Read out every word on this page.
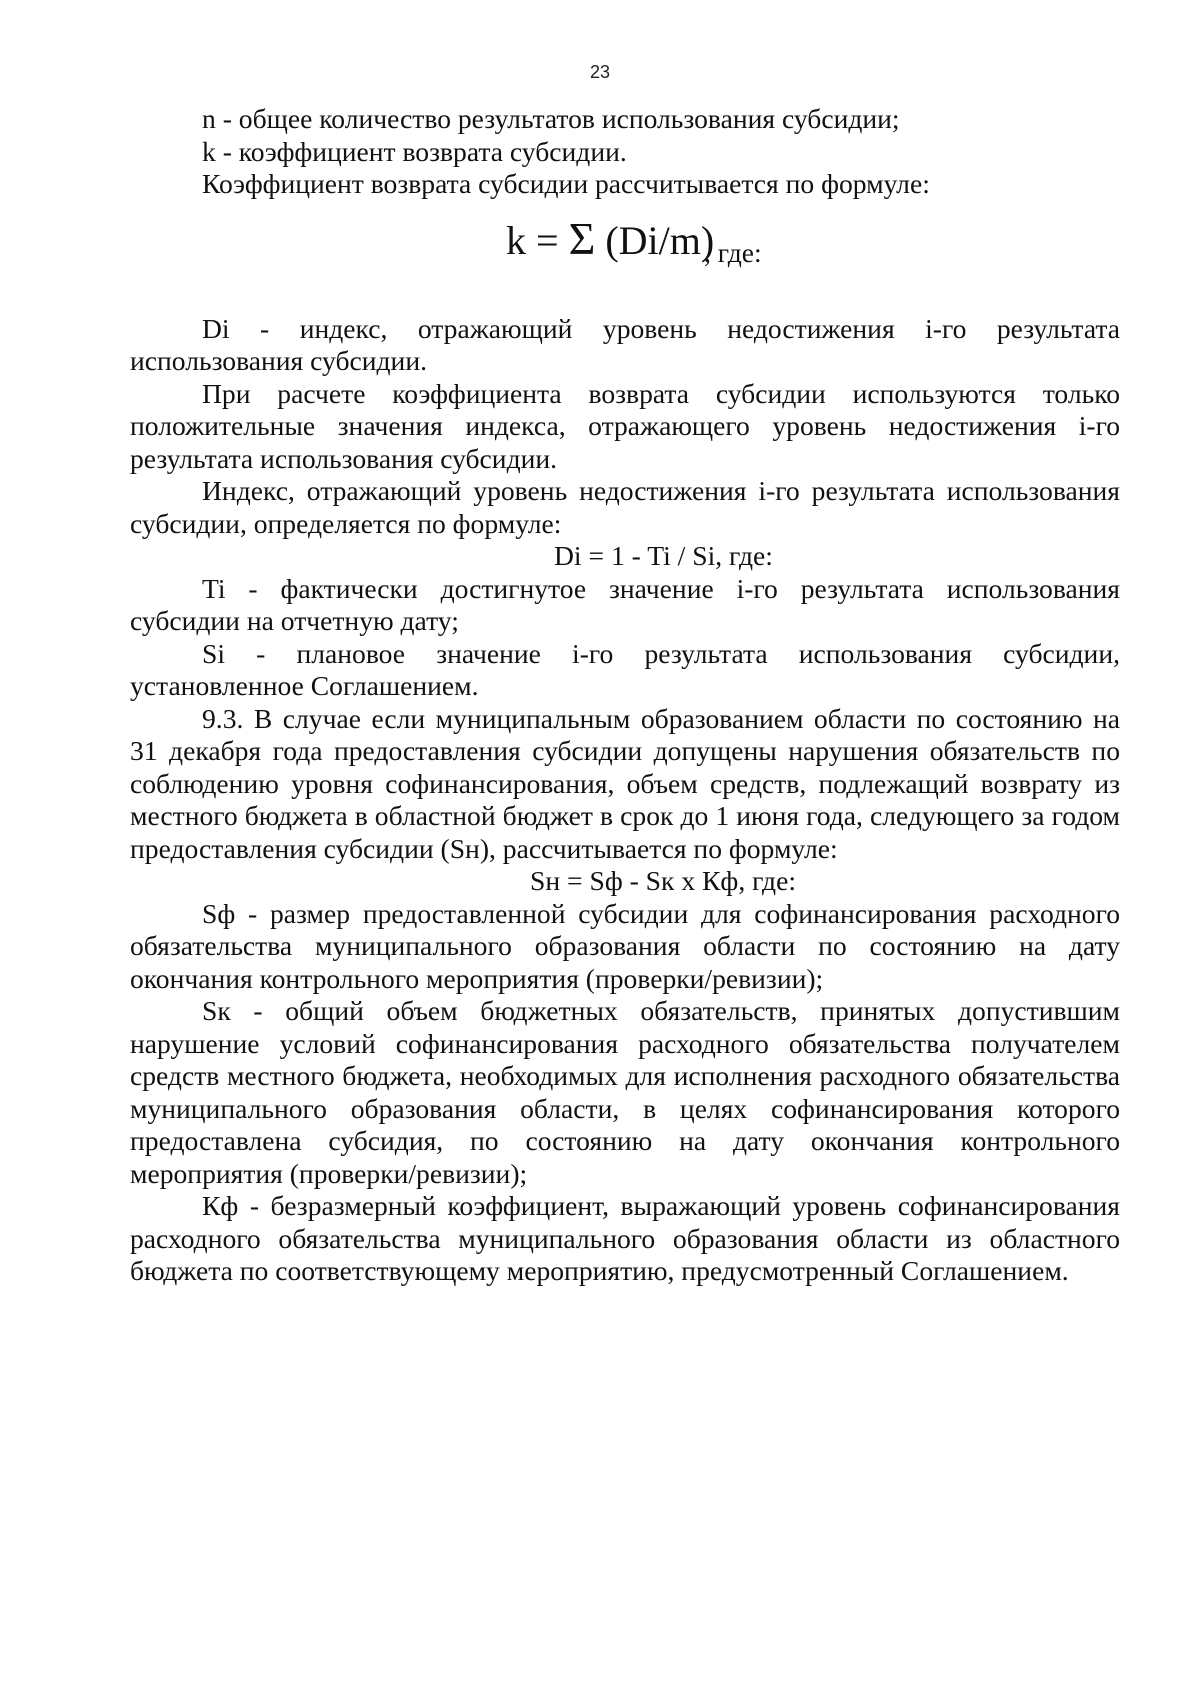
23

n - общее количество результатов использования субсидии;

k - коэффициент возврата субсидии.

Коэффициент возврата субсидии рассчитывается по формуле:

k = Σ (Di/m)
, где:

Di - индекс, отражающий уровень недостижения i-го результата использования субсидии.

При расчете коэффициента возврата субсидии используются только положительные значения индекса, отражающего уровень недостижения i-го результата использования субсидии.

Индекс, отражающий уровень недостижения i-го результата использования субсидии, определяется по формуле:

Di = 1 - Ti / Si, где:

Ti - фактически достигнутое значение i-го результата использования субсидии на отчетную дату;

Si - плановое значение i-го результата использования субсидии, установленное Соглашением.

9.3. В случае если муниципальным образованием области по состоянию на 31 декабря года предоставления субсидии допущены нарушения обязательств по соблюдению уровня софинансирования, объем средств, подлежащий возврату из местного бюджета в областной бюджет в срок до 1 июня года, следующего за годом предоставления субсидии (Sн), рассчитывается по формуле:

Sн = Sф - Sк x Кф, где:

Sф - размер предоставленной субсидии для софинансирования расходного обязательства муниципального образования области по состоянию на дату окончания контрольного мероприятия (проверки/ревизии);

Sк - общий объем бюджетных обязательств, принятых допустившим нарушение условий софинансирования расходного обязательства получателем средств местного бюджета, необходимых для исполнения расходного обязательства муниципального образования области, в целях софинансирования которого предоставлена субсидия, по состоянию на дату окончания контрольного мероприятия (проверки/ревизии);

Кф - безразмерный коэффициент, выражающий уровень софинансирования расходного обязательства муниципального образования области из областного бюджета по соответствующему мероприятию, предусмотренный Соглашением.
